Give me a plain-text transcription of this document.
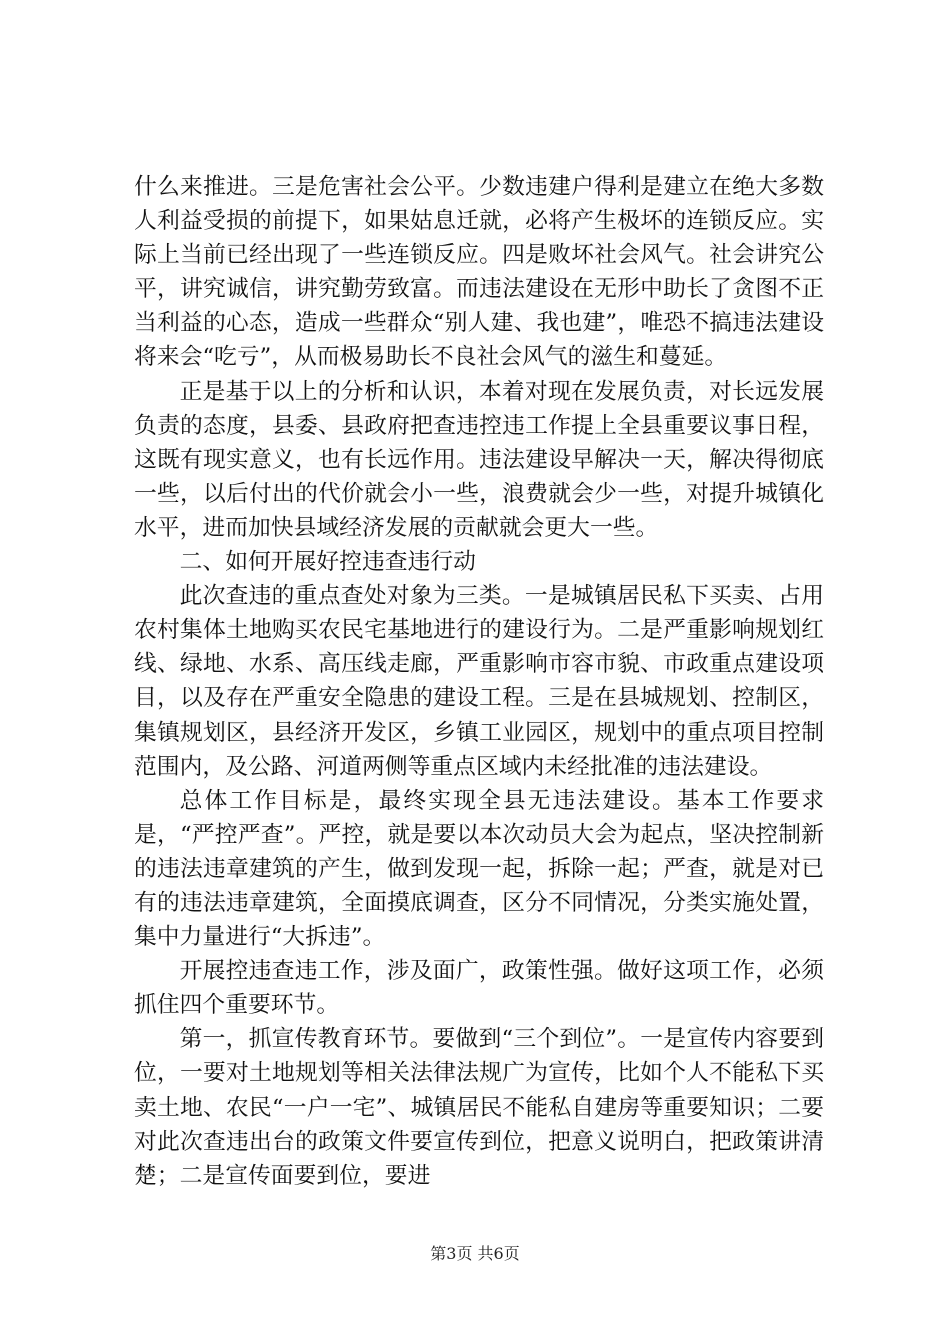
什么来推进。三是危害社会公平。少数违建户得利是建立在绝大多数人利益受损的前提下，如果姑息迁就，必将产生极坏的连锁反应。实际上当前已经出现了一些连锁反应。四是败坏社会风气。社会讲究公平，讲究诚信，讲究勤劳致富。而违法建设在无形中助长了贪图不正当利益的心态，造成一些群众“别人建、我也建”，唯恐不搞违法建设将来会“吃亏”，从而极易助长不良社会风气的滋生和蔓延。

正是基于以上的分析和认识，本着对现在发展负责，对长远发展负责的态度，县委、县政府把查违控违工作提上全县重要议事日程，这既有现实意义，也有长远作用。违法建设早解决一天，解决得彻底一些，以后付出的代价就会小一些，浪费就会少一些，对提升城镇化水平，进而加快县域经济发展的贡献就会更大一些。

二、如何开展好控违查违行动

此次查违的重点查处对象为三类。一是城镇居民私下买卖、占用农村集体土地购买农民宅基地进行的建设行为。二是严重影响规划红线、绿地、水系、高压线走廊，严重影响市容市貌、市政重点建设项目，以及存在严重安全隐患的建设工程。三是在县城规划、控制区，集镇规划区，县经济开发区，乡镇工业园区，规划中的重点项目控制范围内，及公路、河道两侧等重点区域内未经批准的违法建设。

总体工作目标是，最终实现全县无违法建设。基本工作要求是，“严控严查”。严控，就是要以本次动员大会为起点，坚决控制新的违法违章建筑的产生，做到发现一起，拆除一起；严查，就是对已有的违法违章建筑，全面摸底调查，区分不同情况，分类实施处置，集中力量进行“大拆违”。

开展控违查违工作，涉及面广，政策性强。做好这项工作，必须抓住四个重要环节。

第一，抓宣传教育环节。要做到“三个到位”。一是宣传内容要到位，一要对土地规划等相关法律法规广为宣传，比如个人不能私下买卖土地、农民“一户一宅”、城镇居民不能私自建房等重要知识；二要对此次查违出台的政策文件要宣传到位，把意义说明白，把政策讲清楚；二是宣传面要到位，要进

第3页 共6页
